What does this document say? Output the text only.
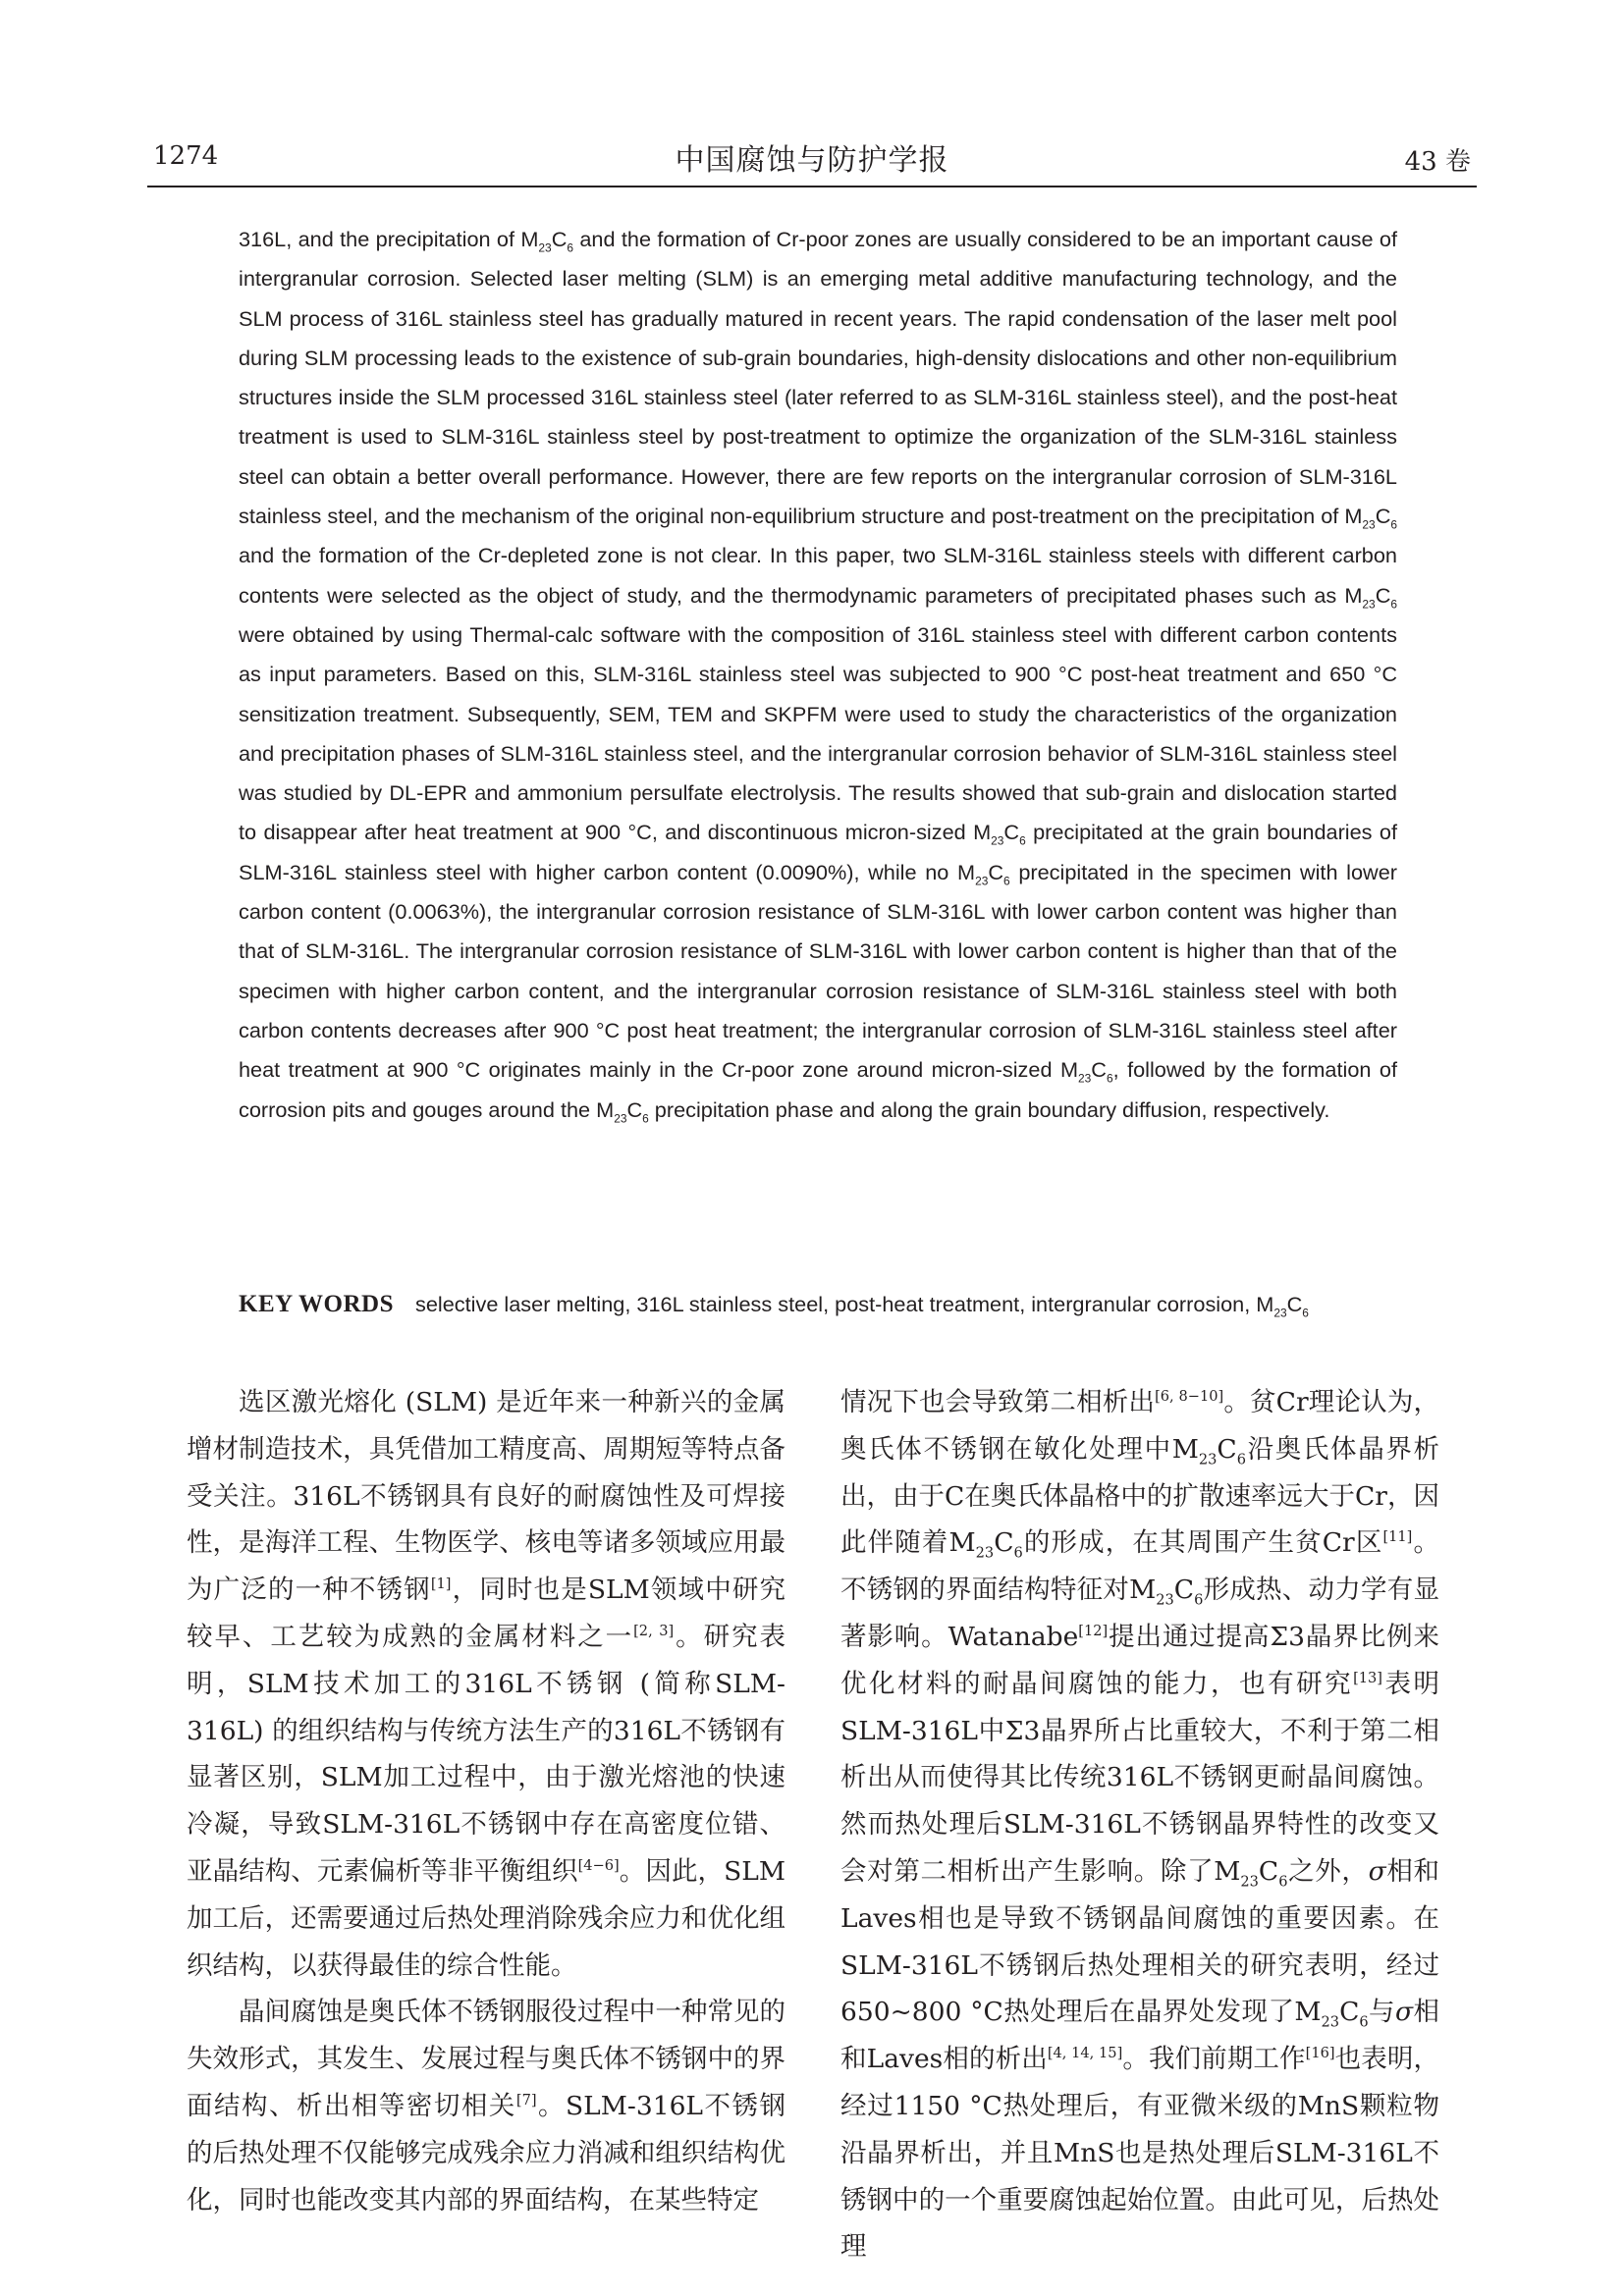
1274	中国腐蚀与防护学报	43 卷

316L, and the precipitation of $M_{23}C_6$ and the formation of Cr-poor zones are usually considered to be an important cause of intergranular corrosion. Selected laser melting (SLM) is an emerging metal additive manufacturing technology, and the SLM process of 316L stainless steel has gradually matured in recent years. The rapid condensation of the laser melt pool during SLM processing leads to the existence of sub-grain boundaries, high-density dislocations and other non-equilibrium structures inside the SLM processed 316L stainless steel (later referred to as SLM-316L stainless steel), and the post-heat treatment is used to SLM-316L stainless steel by post-treatment to optimize the organization of the SLM-316L stainless steel can obtain a better overall performance. However, there are few reports on the intergranular corrosion of SLM-316L stainless steel, and the mechanism of the original non-equilibrium structure and post-treatment on the precipitation of $M_{23}C_6$ and the formation of the Cr-depleted zone is not clear. In this paper, two SLM-316L stainless steels with different carbon contents were selected as the object of study, and the thermodynamic parameters of precipitated phases such as $M_{23}C_6$ were obtained by using Thermal-calc software with the composition of 316L stainless steel with different carbon contents as input parameters. Based on this, SLM-316L stainless steel was subjected to 900 °C post-heat treatment and 650 °C sensitization treatment. Subsequently, SEM, TEM and SKPFM were used to study the characteristics of the organization and precipitation phases of SLM-316L stainless steel, and the intergranular corrosion behavior of SLM-316L stainless steel was studied by DL-EPR and ammonium persulfate electrolysis. The results showed that sub-grain and dislocation started to disappear after heat treatment at 900 °C, and discontinuous micron-sized $M_{23}C_6$ precipitated at the grain boundaries of SLM-316L stainless steel with higher carbon content (0.0090%), while no $M_{23}C_6$ precipitated in the specimen with lower carbon content (0.0063%), the intergranular corrosion resistance of SLM-316L with lower carbon content was higher than that of SLM-316L. The intergranular corrosion resistance of SLM-316L with lower carbon content is higher than that of the specimen with higher carbon content, and the intergranular corrosion resistance of SLM-316L stainless steel with both carbon contents decreases after 900 °C post heat treatment; the intergranular corrosion of SLM-316L stainless steel after heat treatment at 900 °C originates mainly in the Cr-poor zone around micron-sized $M_{23}C_6$, followed by the formation of corrosion pits and gouges around the $M_{23}C_6$ precipitation phase and along the grain boundary diffusion, respectively.

KEY WORDS selective laser melting, 316L stainless steel, post-heat treatment, intergranular corrosion, $M_{23}C_6$

选区激光熔化 (SLM) 是近年来一种新兴的金属增材制造技术，具凭借加工精度高、周期短等特点备受关注。316L不锈钢具有良好的耐腐蚀性及可焊接性，是海洋工程、生物医学、核电等诸多领域应用最为广泛的一种不锈钢[1]，同时也是SLM领域中研究较早、工艺较为成熟的金属材料之一[2, 3]。研究表明，SLM技术加工的316L不锈钢 (简称SLM-316L) 的组织结构与传统方法生产的316L不锈钢有显著区别，SLM加工过程中，由于激光熔池的快速冷凝，导致SLM-316L不锈钢中存在高密度位错、亚晶结构、元素偏析等非平衡组织[4−6]。因此，SLM加工后，还需要通过后热处理消除残余应力和优化组织结构，以获得最佳的综合性能。

晶间腐蚀是奥氏体不锈钢服役过程中一种常见的失效形式，其发生、发展过程与奥氏体不锈钢中的界面结构、析出相等密切相关[7]。SLM-316L不锈钢的后热处理不仅能够完成残余应力消减和组织结构优化，同时也能改变其内部的界面结构，在某些特定

情况下也会导致第二相析出[6, 8−10]。贫Cr理论认为，奥氏体不锈钢在敏化处理中$M_{23}C_6$沿奥氏体晶界析出，由于C在奥氏体晶格中的扩散速率远大于Cr，因此伴随着$M_{23}C_6$的形成，在其周围产生贫Cr区[11]。不锈钢的界面结构特征对$M_{23}C_6$形成热、动力学有显著影响。Watanabe[12]提出通过提高Σ3晶界比例来优化材料的耐晶间腐蚀的能力，也有研究[13]表明SLM-316L中Σ3晶界所占比重较大，不利于第二相析出从而使得其比传统316L不锈钢更耐晶间腐蚀。然而热处理后SLM-316L不锈钢晶界特性的改变又会对第二相析出产生影响。除了$M_{23}C_6$之外，σ相和Laves相也是导致不锈钢晶间腐蚀的重要因素。在SLM-316L不锈钢后热处理相关的研究表明，经过650~800 °C热处理后在晶界处发现了$M_{23}C_6$与σ相和Laves相的析出[4, 14, 15]。我们前期工作[16]也表明，经过1150 °C热处理后，有亚微米级的MnS颗粒物沿晶界析出，并且MnS也是热处理后SLM-316L不锈钢中的一个重要腐蚀起始位置。由此可见，后热处理
